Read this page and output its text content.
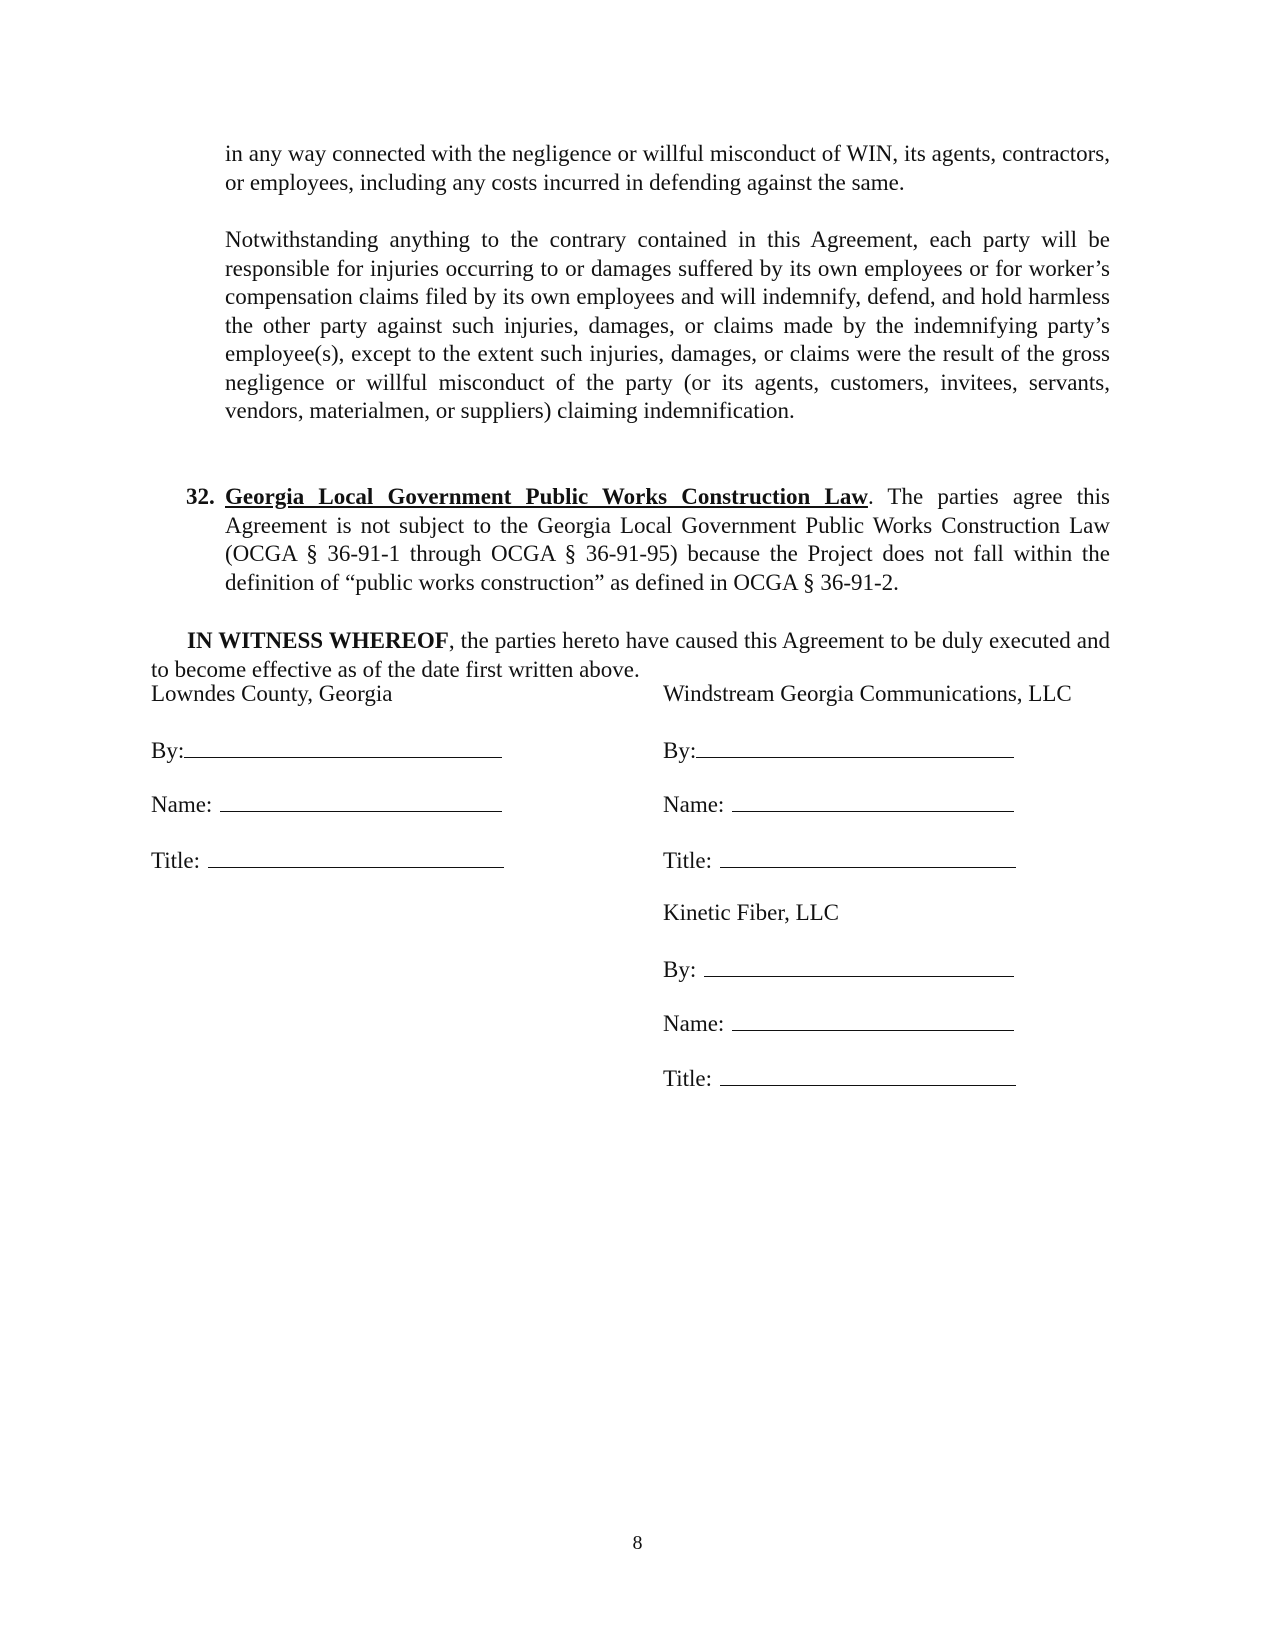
in any way connected with the negligence or willful misconduct of WIN, its agents, contractors, or employees, including any costs incurred in defending against the same.

Notwithstanding anything to the contrary contained in this Agreement, each party will be responsible for injuries occurring to or damages suffered by its own employees or for worker’s compensation claims filed by its own employees and will indemnify, defend, and hold harmless the other party against such injuries, damages, or claims made by the indemnifying party’s employee(s), except to the extent such injuries, damages, or claims were the result of the gross negligence or willful misconduct of the party (or its agents, customers, invitees, servants, vendors, materialmen, or suppliers) claiming indemnification.

32. Georgia Local Government Public Works Construction Law. The parties agree this Agreement is not subject to the Georgia Local Government Public Works Construction Law (OCGA § 36-91-1 through OCGA § 36-91-95) because the Project does not fall within the definition of “public works construction” as defined in OCGA § 36-91-2.

IN WITNESS WHEREOF, the parties hereto have caused this Agreement to be duly executed and to become effective as of the date first written above.

Lowndes County, Georgia
By:
Name:
Title:
Windstream Georgia Communications, LLC
By:
Name:
Title:
Kinetic Fiber, LLC
By:
Name:
Title:
8
